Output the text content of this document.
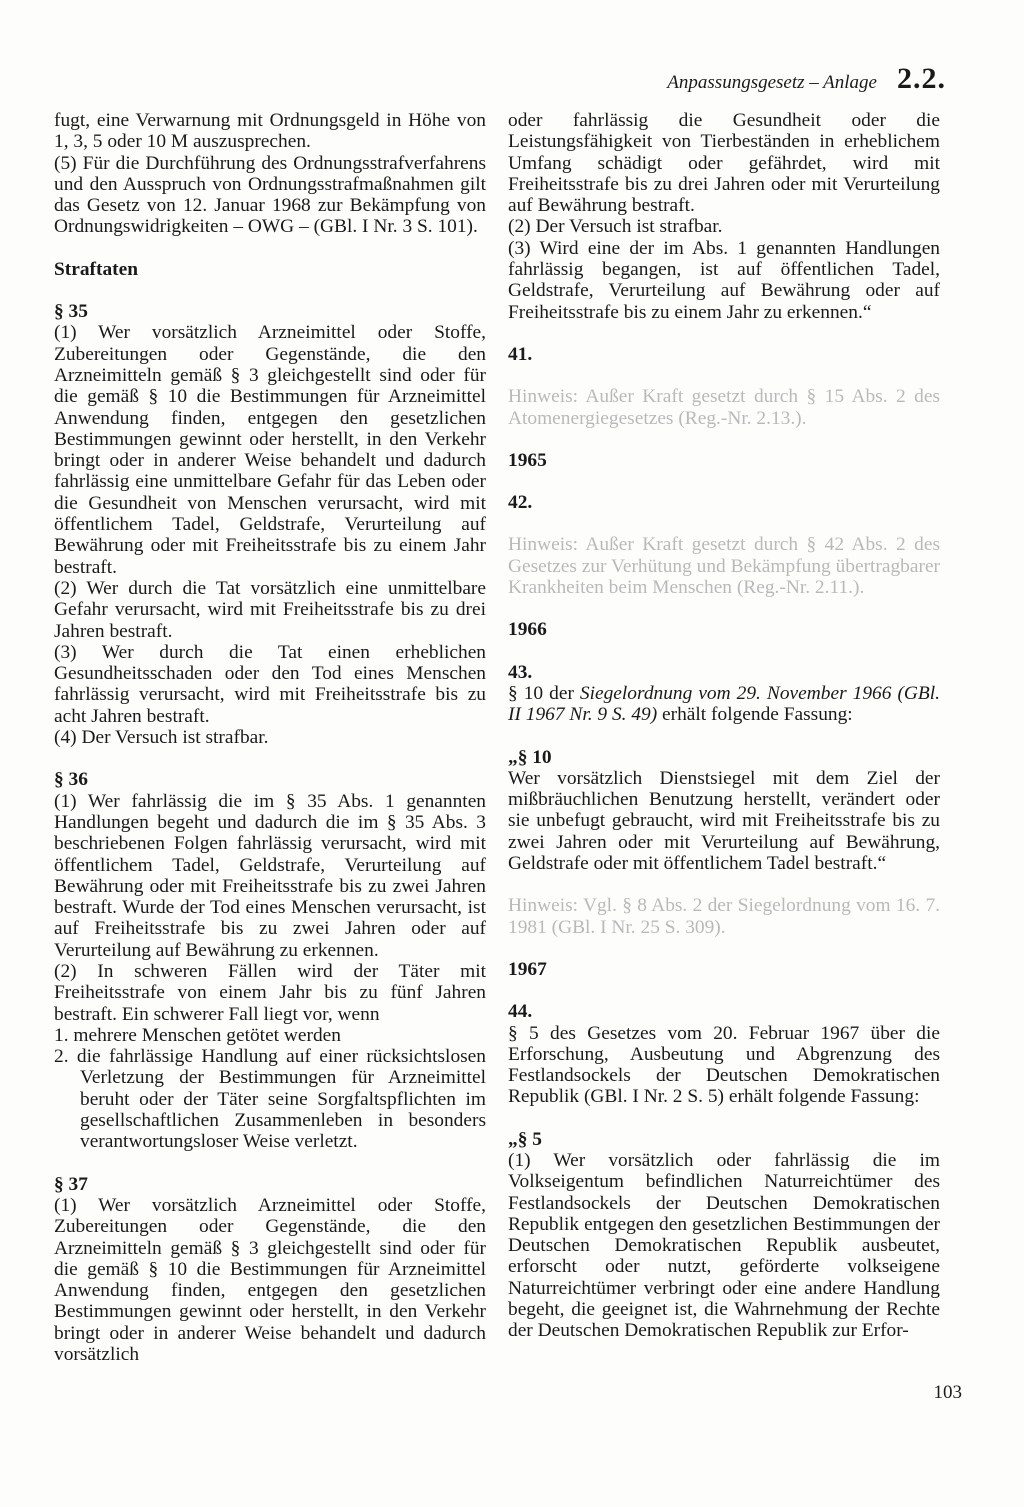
Anpassungsgesetz – Anlage 2.2.

fugt, eine Verwarnung mit Ordnungsgeld in Höhe von 1, 3, 5 oder 10 M auszusprechen.

(5) Für die Durchführung des Ordnungsstrafverfahrens und den Ausspruch von Ordnungsstrafmaßnahmen gilt das Gesetz von 12. Januar 1968 zur Bekämpfung von Ordnungswidrigkeiten – OWG – (GBl. I Nr. 3 S. 101).

Straftaten

§ 35

(1) Wer vorsätzlich Arzneimittel oder Stoffe, Zubereitungen oder Gegenstände, die den Arzneimitteln gemäß § 3 gleichgestellt sind oder für die gemäß § 10 die Bestimmungen für Arzneimittel Anwendung finden, entgegen den gesetzlichen Bestimmungen gewinnt oder herstellt, in den Verkehr bringt oder in anderer Weise behandelt und dadurch fahrlässig eine unmittelbare Gefahr für das Leben oder die Gesundheit von Menschen verursacht, wird mit öffentlichem Tadel, Geldstrafe, Verurteilung auf Bewährung oder mit Freiheitsstrafe bis zu einem Jahr bestraft.

(2) Wer durch die Tat vorsätzlich eine unmittelbare Gefahr verursacht, wird mit Freiheitsstrafe bis zu drei Jahren bestraft.

(3) Wer durch die Tat einen erheblichen Gesundheitsschaden oder den Tod eines Menschen fahrlässig verursacht, wird mit Freiheitsstrafe bis zu acht Jahren bestraft.

(4) Der Versuch ist strafbar.

§ 36

(1) Wer fahrlässig die im § 35 Abs. 1 genannten Handlungen begeht und dadurch die im § 35 Abs. 3 beschriebenen Folgen fahrlässig verursacht, wird mit öffentlichem Tadel, Geldstrafe, Verurteilung auf Bewährung oder mit Freiheitsstrafe bis zu zwei Jahren bestraft. Wurde der Tod eines Menschen verursacht, ist auf Freiheitsstrafe bis zu zwei Jahren oder auf Verurteilung auf Bewährung zu erkennen.

(2) In schweren Fällen wird der Täter mit Freiheitsstrafe von einem Jahr bis zu fünf Jahren bestraft. Ein schwerer Fall liegt vor, wenn

1. mehrere Menschen getötet werden

2. die fahrlässige Handlung auf einer rücksichtslosen Verletzung der Bestimmungen für Arzneimittel beruht oder der Täter seine Sorgfaltspflichten im gesellschaftlichen Zusammenleben in besonders verantwortungsloser Weise verletzt.

§ 37

(1) Wer vorsätzlich Arzneimittel oder Stoffe, Zubereitungen oder Gegenstände, die den Arzneimitteln gemäß § 3 gleichgestellt sind oder für die gemäß § 10 die Bestimmungen für Arzneimittel Anwendung finden, entgegen den gesetzlichen Bestimmungen gewinnt oder herstellt, in den Verkehr bringt oder in anderer Weise behandelt und dadurch vorsätzlich

oder fahrlässig die Gesundheit oder die Leistungsfähigkeit von Tierbeständen in erheblichem Umfang schädigt oder gefährdet, wird mit Freiheitsstrafe bis zu drei Jahren oder mit Verurteilung auf Bewährung bestraft.

(2) Der Versuch ist strafbar.

(3) Wird eine der im Abs. 1 genannten Handlungen fahrlässig begangen, ist auf öffentlichen Tadel, Geldstrafe, Verurteilung auf Bewährung oder auf Freiheitsstrafe bis zu einem Jahr zu erkennen.“

41.

Hinweis: Außer Kraft gesetzt durch § 15 Abs. 2 des Atomenergiegesetzes (Reg.-Nr. 2.13.).

1965

42.

Hinweis: Außer Kraft gesetzt durch § 42 Abs. 2 des Gesetzes zur Verhütung und Bekämpfung übertragbarer Krankheiten beim Menschen (Reg.-Nr. 2.11.).

1966

43.

§ 10 der Siegelordnung vom 29. November 1966 (GBl. II 1967 Nr. 9 S. 49) erhält folgende Fassung:

„§ 10

Wer vorsätzlich Dienstsiegel mit dem Ziel der mißbräuchlichen Benutzung herstellt, verändert oder sie unbefugt gebraucht, wird mit Freiheitsstrafe bis zu zwei Jahren oder mit Verurteilung auf Bewährung, Geldstrafe oder mit öffentlichem Tadel bestraft.“

Hinweis: Vgl. § 8 Abs. 2 der Siegelordnung vom 16. 7. 1981 (GBl. I Nr. 25 S. 309).

1967

44.

§ 5 des Gesetzes vom 20. Februar 1967 über die Erforschung, Ausbeutung und Abgrenzung des Festlandsockels der Deutschen Demokratischen Republik (GBl. I Nr. 2 S. 5) erhält folgende Fassung:

„§ 5

(1) Wer vorsätzlich oder fahrlässig die im Volkseigentum befindlichen Naturreichtümer des Festlandsockels der Deutschen Demokratischen Republik entgegen den gesetzlichen Bestimmungen der Deutschen Demokratischen Republik ausbeutet, erforscht oder nutzt, geförderte volkseigene Naturreichtümer verbringt oder eine andere Handlung begeht, die geeignet ist, die Wahrnehmung der Rechte der Deutschen Demokratischen Republik zur Erfor-

103
